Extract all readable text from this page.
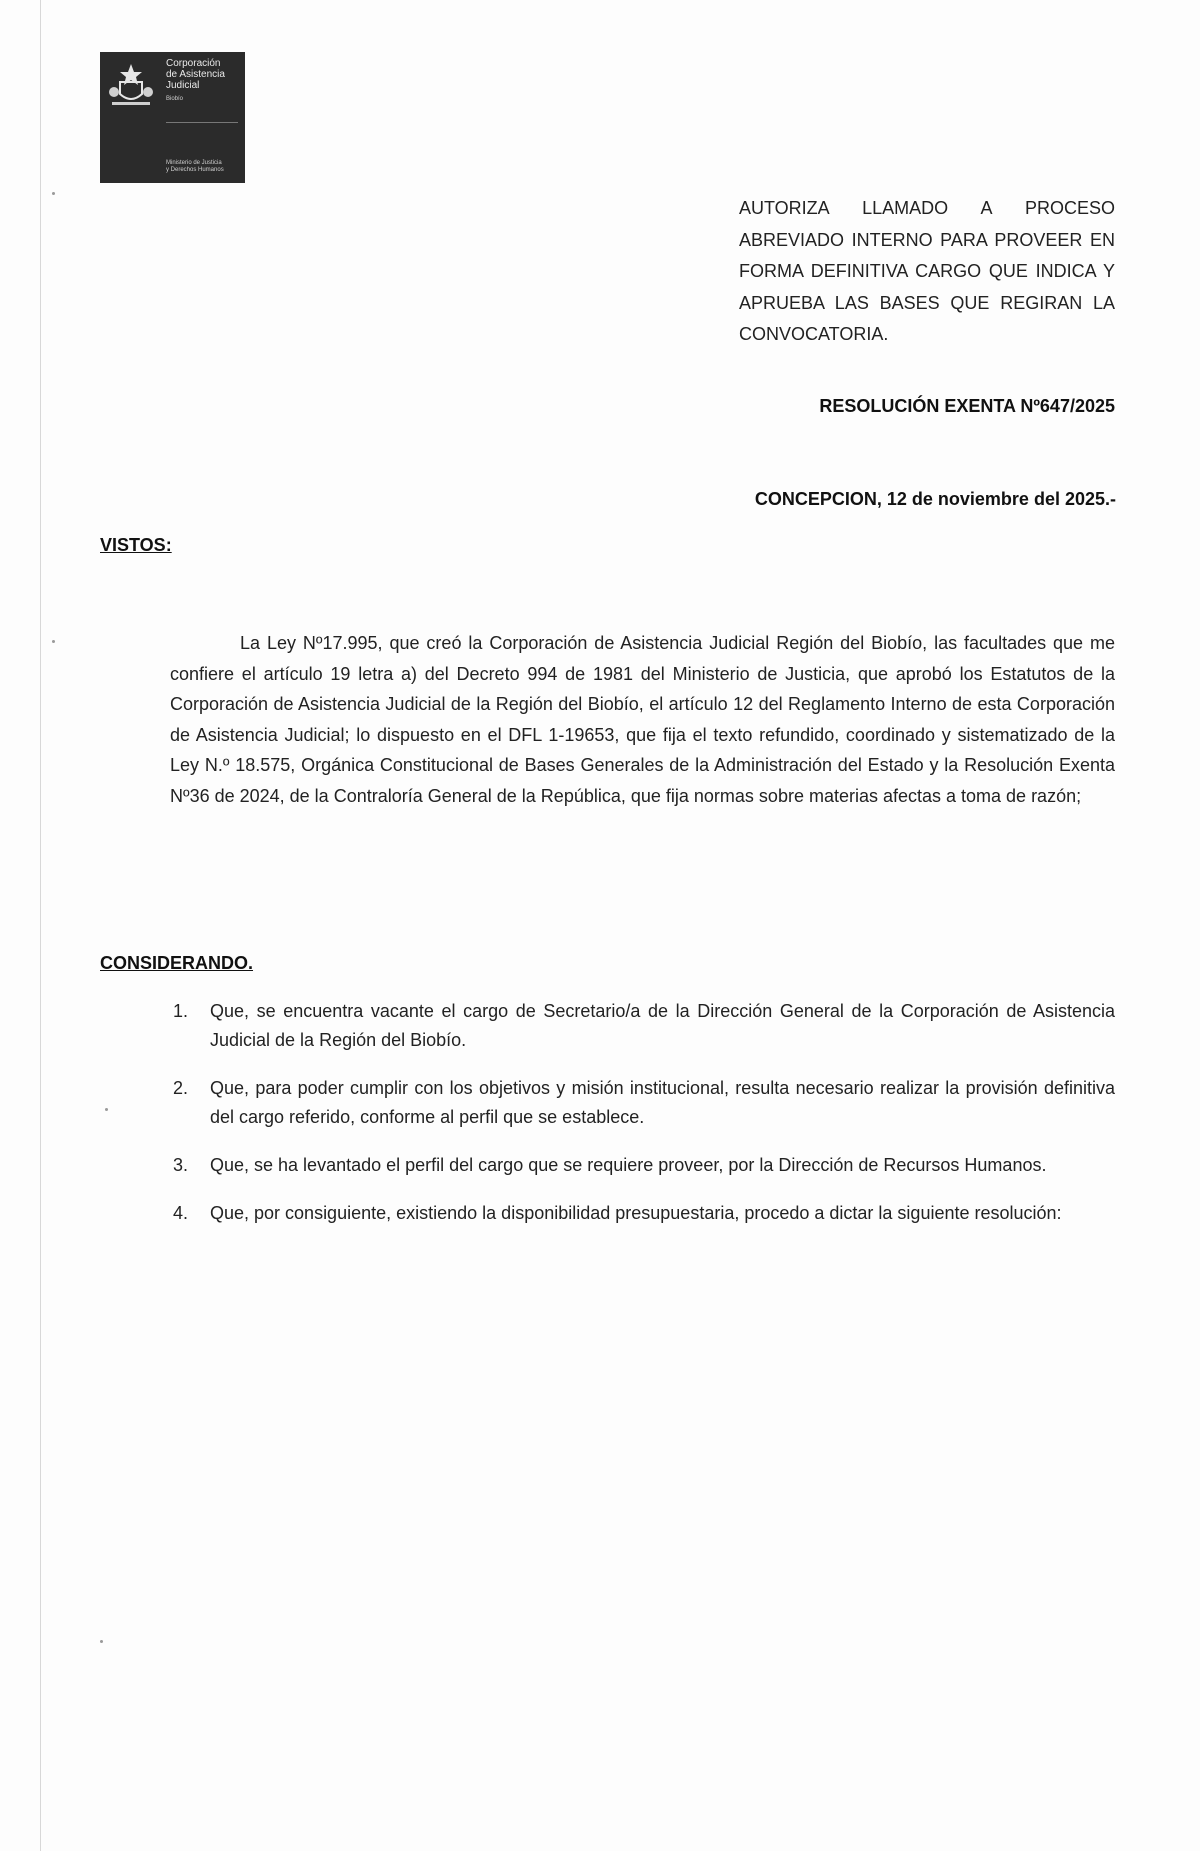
Corporación
de Asistencia
Judicial
Biobío
Ministerio de Justicia
y Derechos Humanos

AUTORIZA LLAMADO A PROCESO ABREVIADO INTERNO PARA PROVEER EN FORMA DEFINITIVA CARGO QUE INDICA Y APRUEBA LAS BASES QUE REGIRAN LA CONVOCATORIA.

RESOLUCIÓN EXENTA Nº647/2025

CONCEPCION, 12 de noviembre del 2025.-

VISTOS:

La Ley Nº17.995, que creó la Corporación de Asistencia Judicial Región del Biobío, las facultades que me confiere el artículo 19 letra a) del Decreto 994 de 1981 del Ministerio de Justicia, que aprobó los Estatutos de la Corporación de Asistencia Judicial de la Región del Biobío, el artículo 12 del Reglamento Interno de esta Corporación de Asistencia Judicial; lo dispuesto en el DFL 1-19653, que fija el texto refundido, coordinado y sistematizado de la Ley N.º 18.575, Orgánica Constitucional de Bases Generales de la Administración del Estado y la Resolución Exenta Nº36 de 2024, de la Contraloría General de la República, que fija normas sobre materias afectas a toma de razón;

CONSIDERANDO.

1. Que, se encuentra vacante el cargo de Secretario/a de la Dirección General de la Corporación de Asistencia Judicial de la Región del Biobío.
2. Que, para poder cumplir con los objetivos y misión institucional, resulta necesario realizar la provisión definitiva del cargo referido, conforme al perfil que se establece.
3. Que, se ha levantado el perfil del cargo que se requiere proveer, por la Dirección de Recursos Humanos.
4. Que, por consiguiente, existiendo la disponibilidad presupuestaria, procedo a dictar la siguiente resolución:
